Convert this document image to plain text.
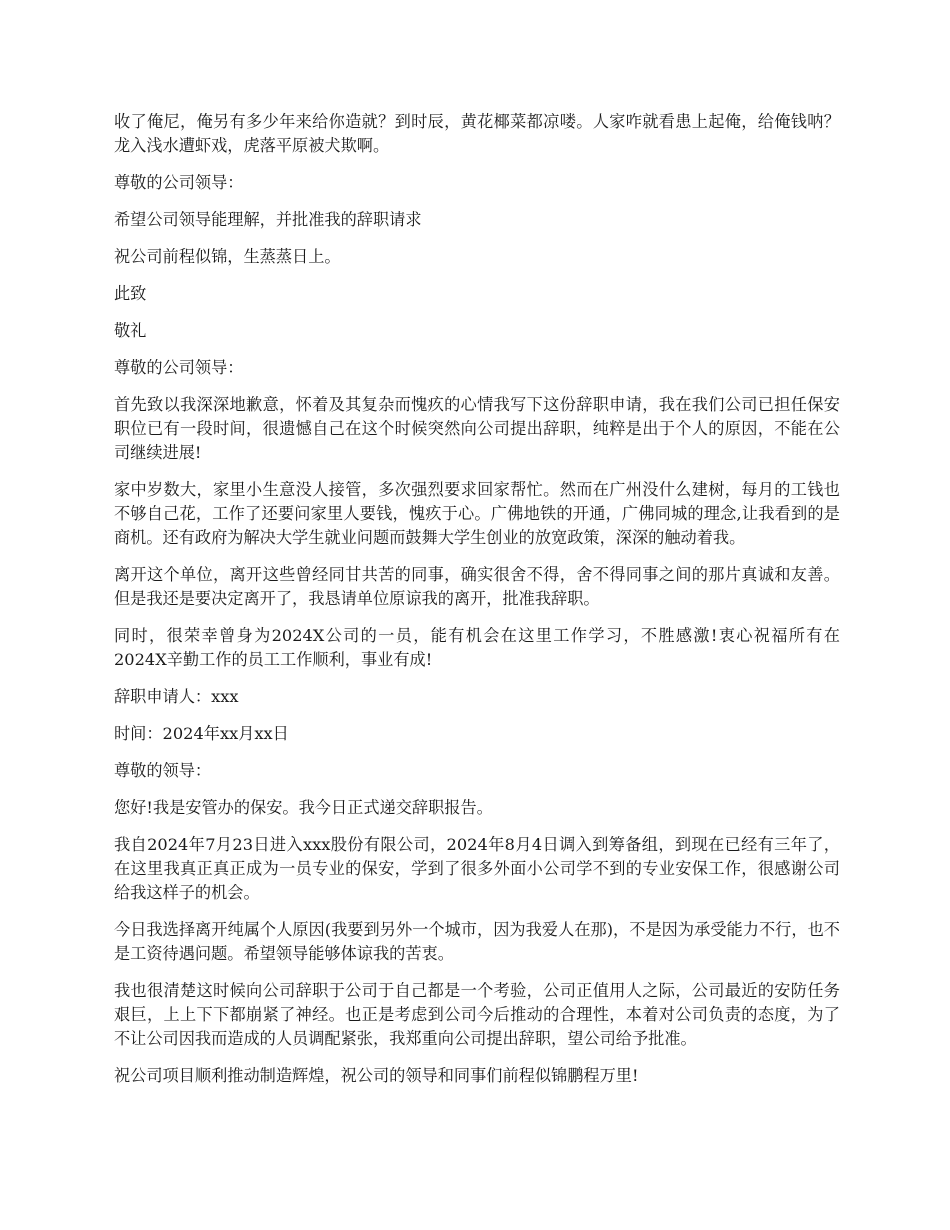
收了俺尼，俺另有多少年来给你造就？到时辰，黄花椰菜都凉喽。人家咋就看患上起俺，给俺钱呐？龙入浅水遭虾戏，虎落平原被犬欺啊。

尊敬的公司领导：

希望公司领导能理解，并批准我的辞职请求

祝公司前程似锦，生蒸蒸日上。

此致

敬礼

尊敬的公司领导：

首先致以我深深地歉意，怀着及其复杂而愧疚的心情我写下这份辞职申请，我在我们公司已担任保安职位已有一段时间，很遗憾自己在这个时候突然向公司提出辞职，纯粹是出于个人的原因，不能在公司继续进展!

家中岁数大，家里小生意没人接管，多次强烈要求回家帮忙。然而在广州没什么建树，每月的工钱也不够自己花，工作了还要问家里人要钱，愧疚于心。广佛地铁的开通，广佛同城的理念,让我看到的是商机。还有政府为解决大学生就业问题而鼓舞大学生创业的放宽政策，深深的触动着我。

离开这个单位，离开这些曾经同甘共苦的同事，确实很舍不得，舍不得同事之间的那片真诚和友善。 但是我还是要决定离开了，我恳请单位原谅我的离开，批准我辞职。

同时，很荣幸曾身为2024X公司的一员，能有机会在这里工作学习，不胜感激!衷心祝福所有在2024X辛勤工作的员工工作顺利，事业有成!

辞职申请人：xxx

时间：2024年xx月xx日

尊敬的领导：

您好!我是安管办的保安。我今日正式递交辞职报告。

我自2024年7月23日进入xxx股份有限公司，2024年8月4日调入到筹备组，到现在已经有三年了，在这里我真正真正成为一员专业的保安，学到了很多外面小公司学不到的专业安保工作，很感谢公司给我这样子的机会。

今日我选择离开纯属个人原因(我要到另外一个城市，因为我爱人在那)，不是因为承受能力不行，也不是工资待遇问题。希望领导能够体谅我的苦衷。

我也很清楚这时候向公司辞职于公司于自己都是一个考验，公司正值用人之际，公司最近的安防任务艰巨，上上下下都崩紧了神经。也正是考虑到公司今后推动的合理性，本着对公司负责的态度，为了不让公司因我而造成的人员调配紧张，我郑重向公司提出辞职，望公司给予批准。

祝公司项目顺利推动制造辉煌，祝公司的领导和同事们前程似锦鹏程万里!
